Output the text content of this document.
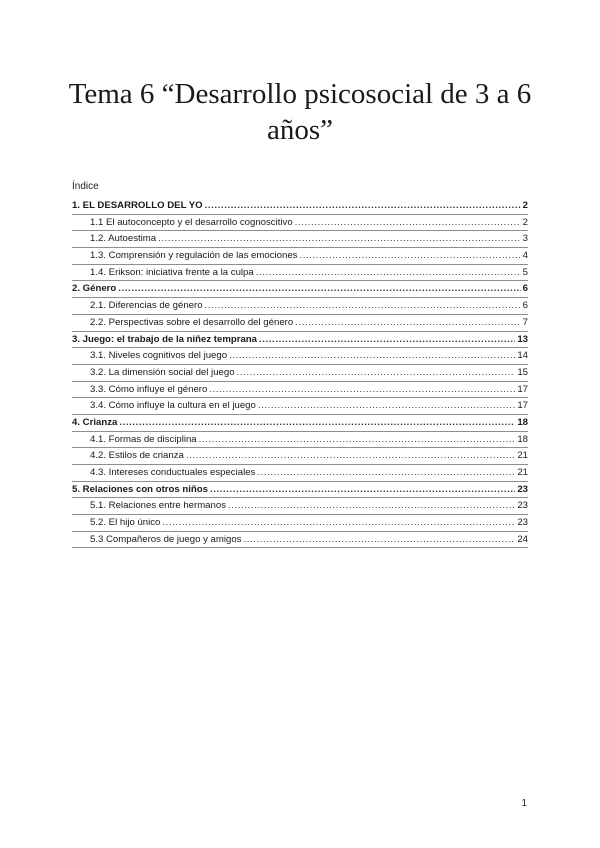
Tema 6 “Desarrollo psicosocial de 3 a 6 años”
Índice
1. EL DESARROLLO DEL YO .....	2
1.1 El autoconcepto y el desarrollo cognoscitivo .....	2
1.2. Autoestima .....	3
1.3. Comprensión y regulación de las emociones .....	4
1.4. Erikson: iniciativa frente a la culpa .....	5
2. Género .....	6
2.1. Diferencias de género .....	6
2.2. Perspectivas sobre el desarrollo del género .....	7
3. Juego: el trabajo de la niñez temprana .....	13
3.1. Niveles cognitivos del juego .....	14
3.2. La dimensión social del juego .....	15
3.3. Cómo influye el género .....	17
3.4. Cómo influye la cultura en el juego .....	17
4. Crianza .....	18
4.1. Formas de disciplina .....	18
4.2. Estilos de crianza .....	21
4.3. Intereses conductuales especiales .....	21
5. Relaciones con otros niños .....	23
5.1. Relaciones entre hermanos .....	23
5.2. El hijo único .....	23
5.3 Compañeros de juego y amigos .....	24
1
